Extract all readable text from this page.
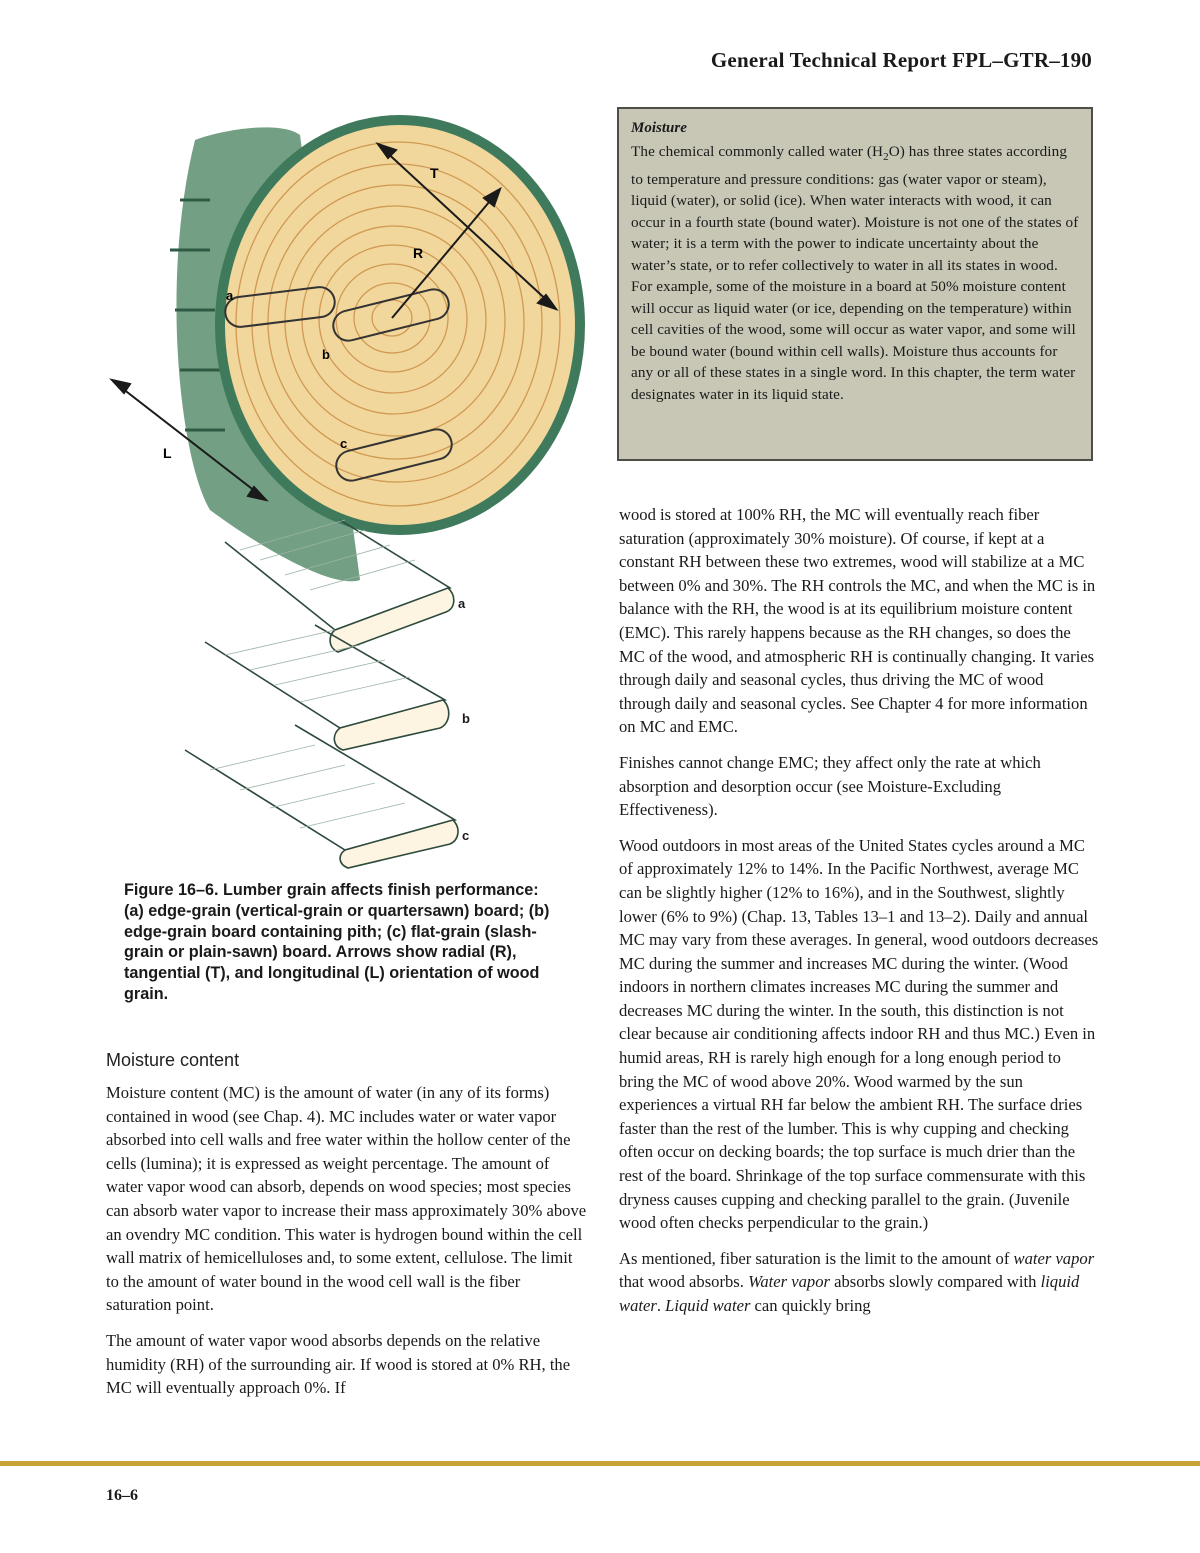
General Technical Report FPL–GTR–190
T
R
L
a
b
c
a
b
c
Figure 16–6. Lumber grain affects finish performance: (a) edge-grain (vertical-grain or quartersawn) board; (b) edge-grain board containing pith; (c) flat-grain (slash-grain or plain-sawn) board. Arrows show radial (R), tangential (T), and longitudinal (L) orientation of wood grain.
Moisture

The chemical commonly called water $(H_2O)$ has three states according to temperature and pressure conditions: gas (water vapor or steam), liquid (water), or solid (ice). When water interacts with wood, it can occur in a fourth state (bound water). Moisture is not one of the states of water; it is a term with the power to indicate uncertainty about the water’s state, or to refer collectively to water in all its states in wood. For example, some of the moisture in a board at 50% moisture content will occur as liquid water (or ice, depending on the temperature) within cell cavities of the wood, some will occur as water vapor, and some will be bound water (bound within cell walls). Moisture thus accounts for any or all of these states in a single word. In this chapter, the term water designates water in its liquid state.

Moisture content

Moisture content (MC) is the amount of water (in any of its forms) contained in wood (see Chap. 4). MC includes water or water vapor absorbed into cell walls and free water within the hollow center of the cells (lumina); it is expressed as weight percentage. The amount of water vapor wood can absorb, depends on wood species; most species can absorb water vapor to increase their mass approximately 30% above an ovendry MC condition. This water is hydrogen bound within the cell wall matrix of hemicelluloses and, to some extent, cellulose. The limit to the amount of water bound in the wood cell wall is the fiber saturation point.

The amount of water vapor wood absorbs depends on the relative humidity (RH) of the surrounding air. If wood is stored at 0% RH, the MC will eventually approach 0%. If

wood is stored at 100% RH, the MC will eventually reach fiber saturation (approximately 30% moisture). Of course, if kept at a constant RH between these two extremes, wood will stabilize at a MC between 0% and 30%. The RH controls the MC, and when the MC is in balance with the RH, the wood is at its equilibrium moisture content (EMC). This rarely happens because as the RH changes, so does the MC of the wood, and atmospheric RH is continually changing. It varies through daily and seasonal cycles, thus driving the MC of wood through daily and seasonal cycles. See Chapter 4 for more information on MC and EMC.

Finishes cannot change EMC; they affect only the rate at which absorption and desorption occur (see Moisture-Excluding Effectiveness).

Wood outdoors in most areas of the United States cycles around a MC of approximately 12% to 14%. In the Pacific Northwest, average MC can be slightly higher (12% to 16%), and in the Southwest, slightly lower (6% to 9%) (Chap. 13, Tables 13–1 and 13–2). Daily and annual MC may vary from these averages. In general, wood outdoors decreases MC during the summer and increases MC during the winter. (Wood indoors in northern climates increases MC during the summer and decreases MC during the winter. In the south, this distinction is not clear because air conditioning affects indoor RH and thus MC.) Even in humid areas, RH is rarely high enough for a long enough period to bring the MC of wood above 20%. Wood warmed by the sun experiences a virtual RH far below the ambient RH. The surface dries faster than the rest of the lumber. This is why cupping and checking often occur on decking boards; the top surface is much drier than the rest of the board. Shrinkage of the top surface commensurate with this dryness causes cupping and checking parallel to the grain. (Juvenile wood often checks perpendicular to the grain.)

As mentioned, fiber saturation is the limit to the amount of water vapor that wood absorbs. Water vapor absorbs slowly compared with liquid water. Liquid water can quickly bring

16–6
